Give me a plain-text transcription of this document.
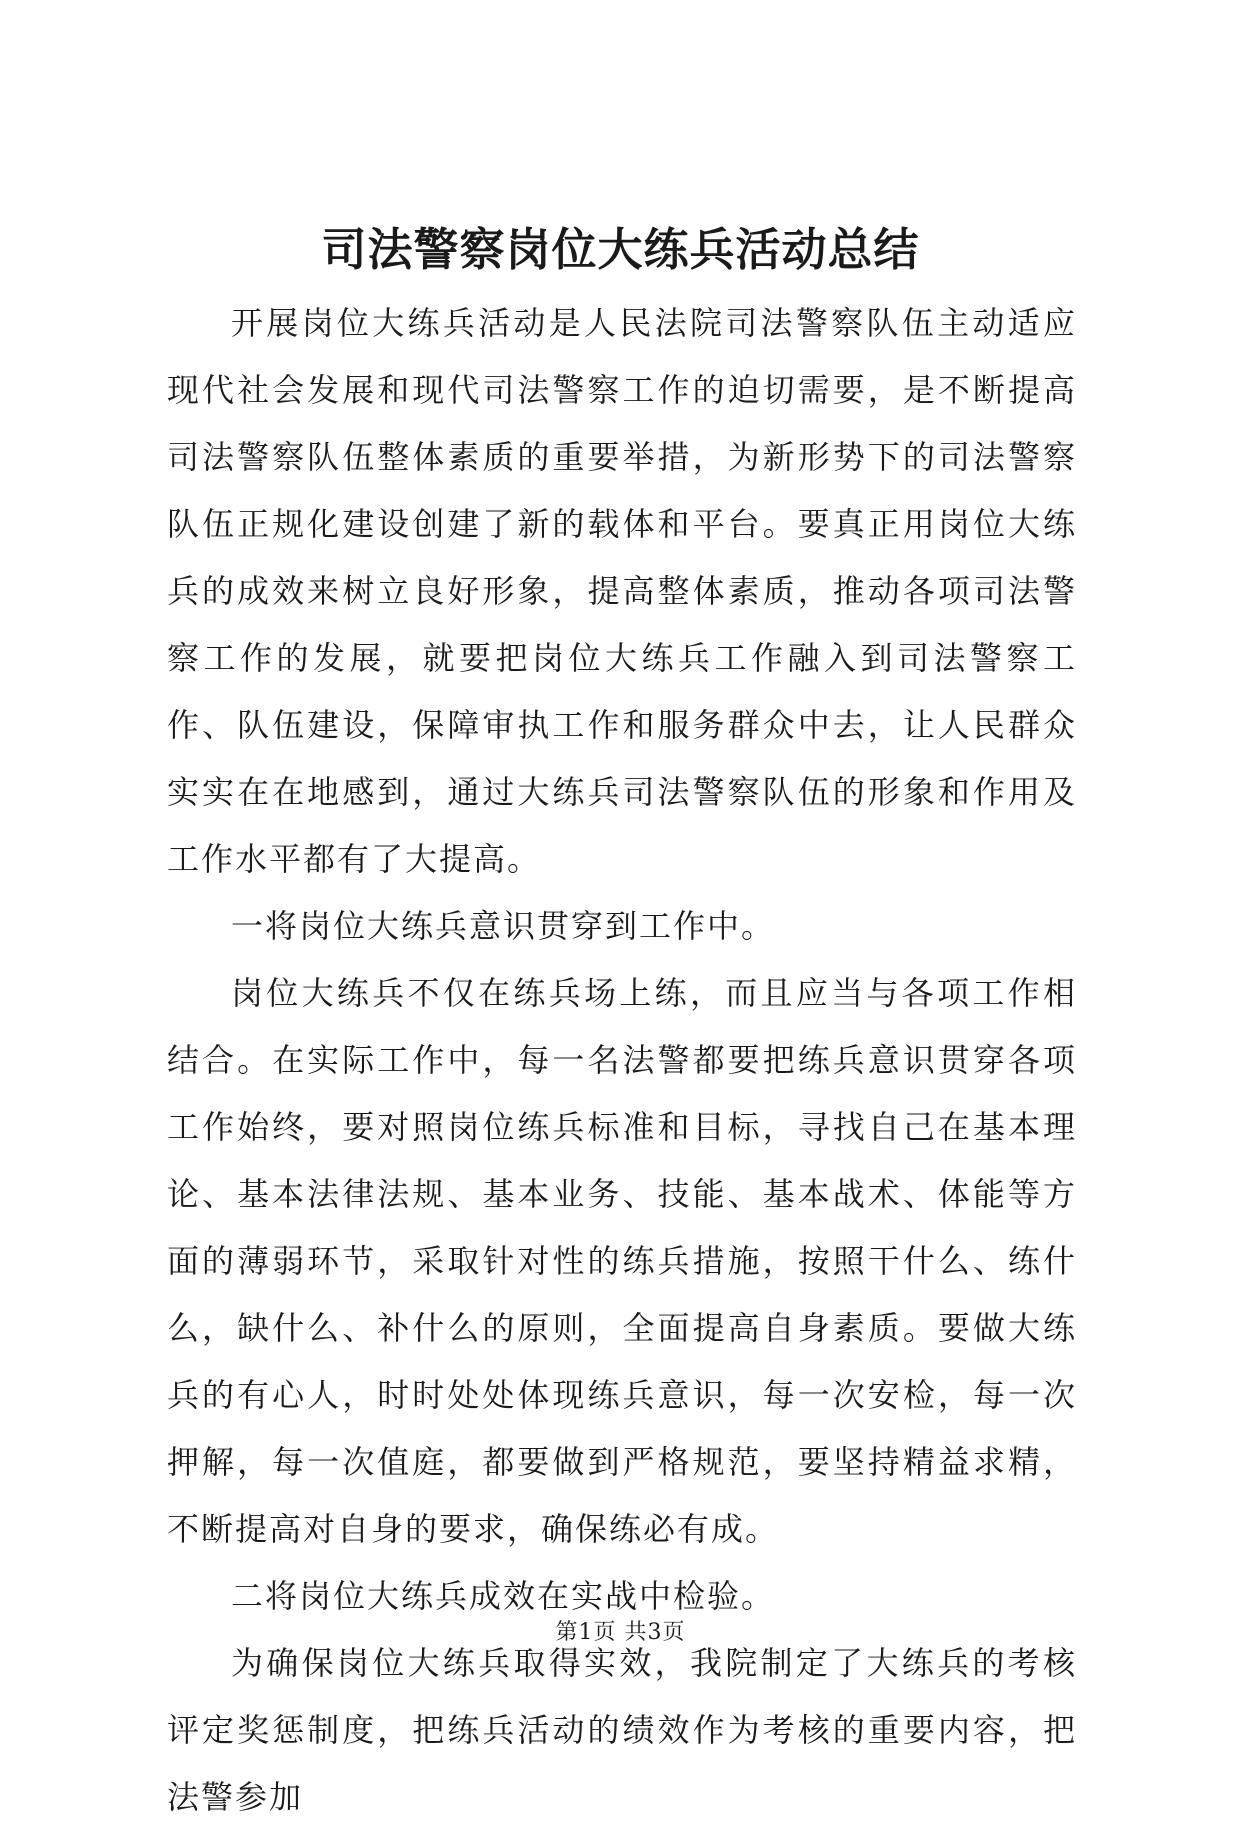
司法警察岗位大练兵活动总结

开展岗位大练兵活动是人民法院司法警察队伍主动适应现代社会发展和现代司法警察工作的迫切需要，是不断提高司法警察队伍整体素质的重要举措，为新形势下的司法警察队伍正规化建设创建了新的载体和平台。要真正用岗位大练兵的成效来树立良好形象，提高整体素质，推动各项司法警察工作的发展，就要把岗位大练兵工作融入到司法警察工作、队伍建设，保障审执工作和服务群众中去，让人民群众实实在在地感到，通过大练兵司法警察队伍的形象和作用及工作水平都有了大提高。

一将岗位大练兵意识贯穿到工作中。

岗位大练兵不仅在练兵场上练，而且应当与各项工作相结合。在实际工作中，每一名法警都要把练兵意识贯穿各项工作始终，要对照岗位练兵标准和目标，寻找自己在基本理论、基本法律法规、基本业务、技能、基本战术、体能等方面的薄弱环节，采取针对性的练兵措施，按照干什么、练什么，缺什么、补什么的原则，全面提高自身素质。要做大练兵的有心人，时时处处体现练兵意识，每一次安检，每一次押解，每一次值庭，都要做到严格规范，要坚持精益求精，不断提高对自身的要求，确保练必有成。

二将岗位大练兵成效在实战中检验。

为确保岗位大练兵取得实效，我院制定了大练兵的考核评定奖惩制度，把练兵活动的绩效作为考核的重要内容，把法警参加

第1页 共3页
